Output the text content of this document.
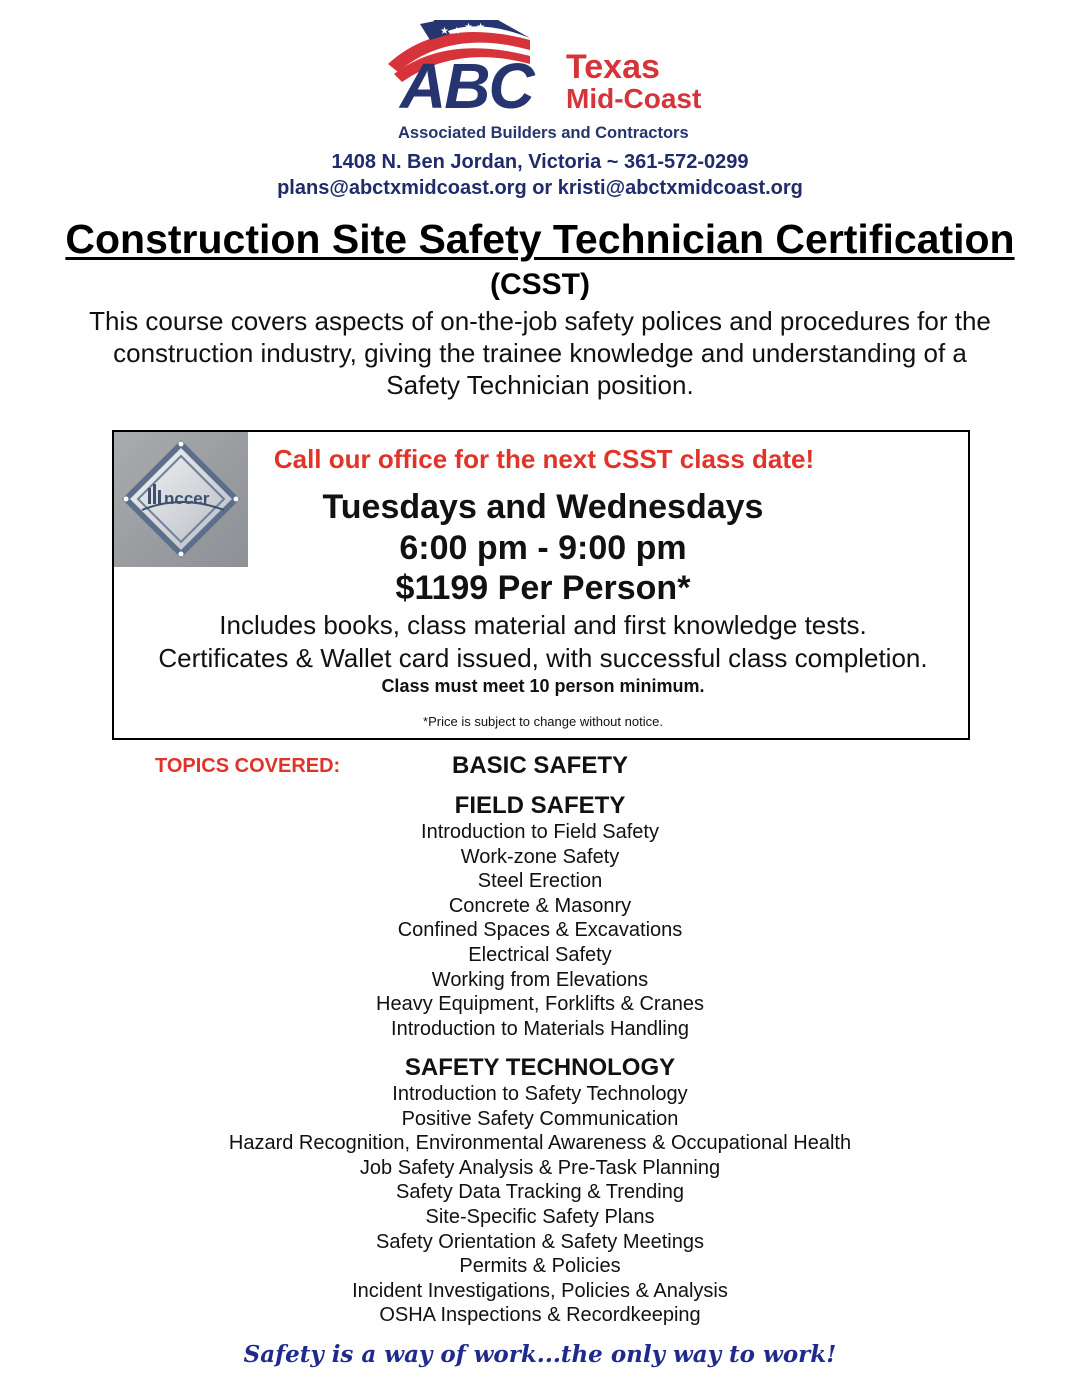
★ ★ ★ ★
ABC Texas
Mid-Coast
Associated Builders and Contractors
1408 N. Ben Jordan, Victoria ~ 361-572-0299
plans@abctxmidcoast.org or kristi@abctxmidcoast.org
Construction Site Safety Technician Certification
(CSST)
This course covers aspects of on-the-job safety polices and procedures for the construction industry, giving the trainee knowledge and understanding of a Safety Technician position.
nccer
Call our office for the next CSST class date!
Tuesdays and Wednesdays
6:00 pm - 9:00 pm
$1199 Per Person*
Includes books, class material and first knowledge tests.
Certificates & Wallet card issued, with successful class completion.
Class must meet 10 person minimum.
*Price is subject to change without notice.
TOPICS COVERED:	BASIC SAFETY
FIELD SAFETY
Introduction to Field Safety
Work-zone Safety
Steel Erection
Concrete & Masonry
Confined Spaces & Excavations
Electrical Safety
Working from Elevations
Heavy Equipment, Forklifts & Cranes
Introduction to Materials Handling
SAFETY TECHNOLOGY
Introduction to Safety Technology
Positive Safety Communication
Hazard Recognition, Environmental Awareness & Occupational Health
Job Safety Analysis & Pre-Task Planning
Safety Data Tracking & Trending
Site-Specific Safety Plans
Safety Orientation & Safety Meetings
Permits & Policies
Incident Investigations, Policies & Analysis
OSHA Inspections & Recordkeeping
Safety is a way of work...the only way to work!
